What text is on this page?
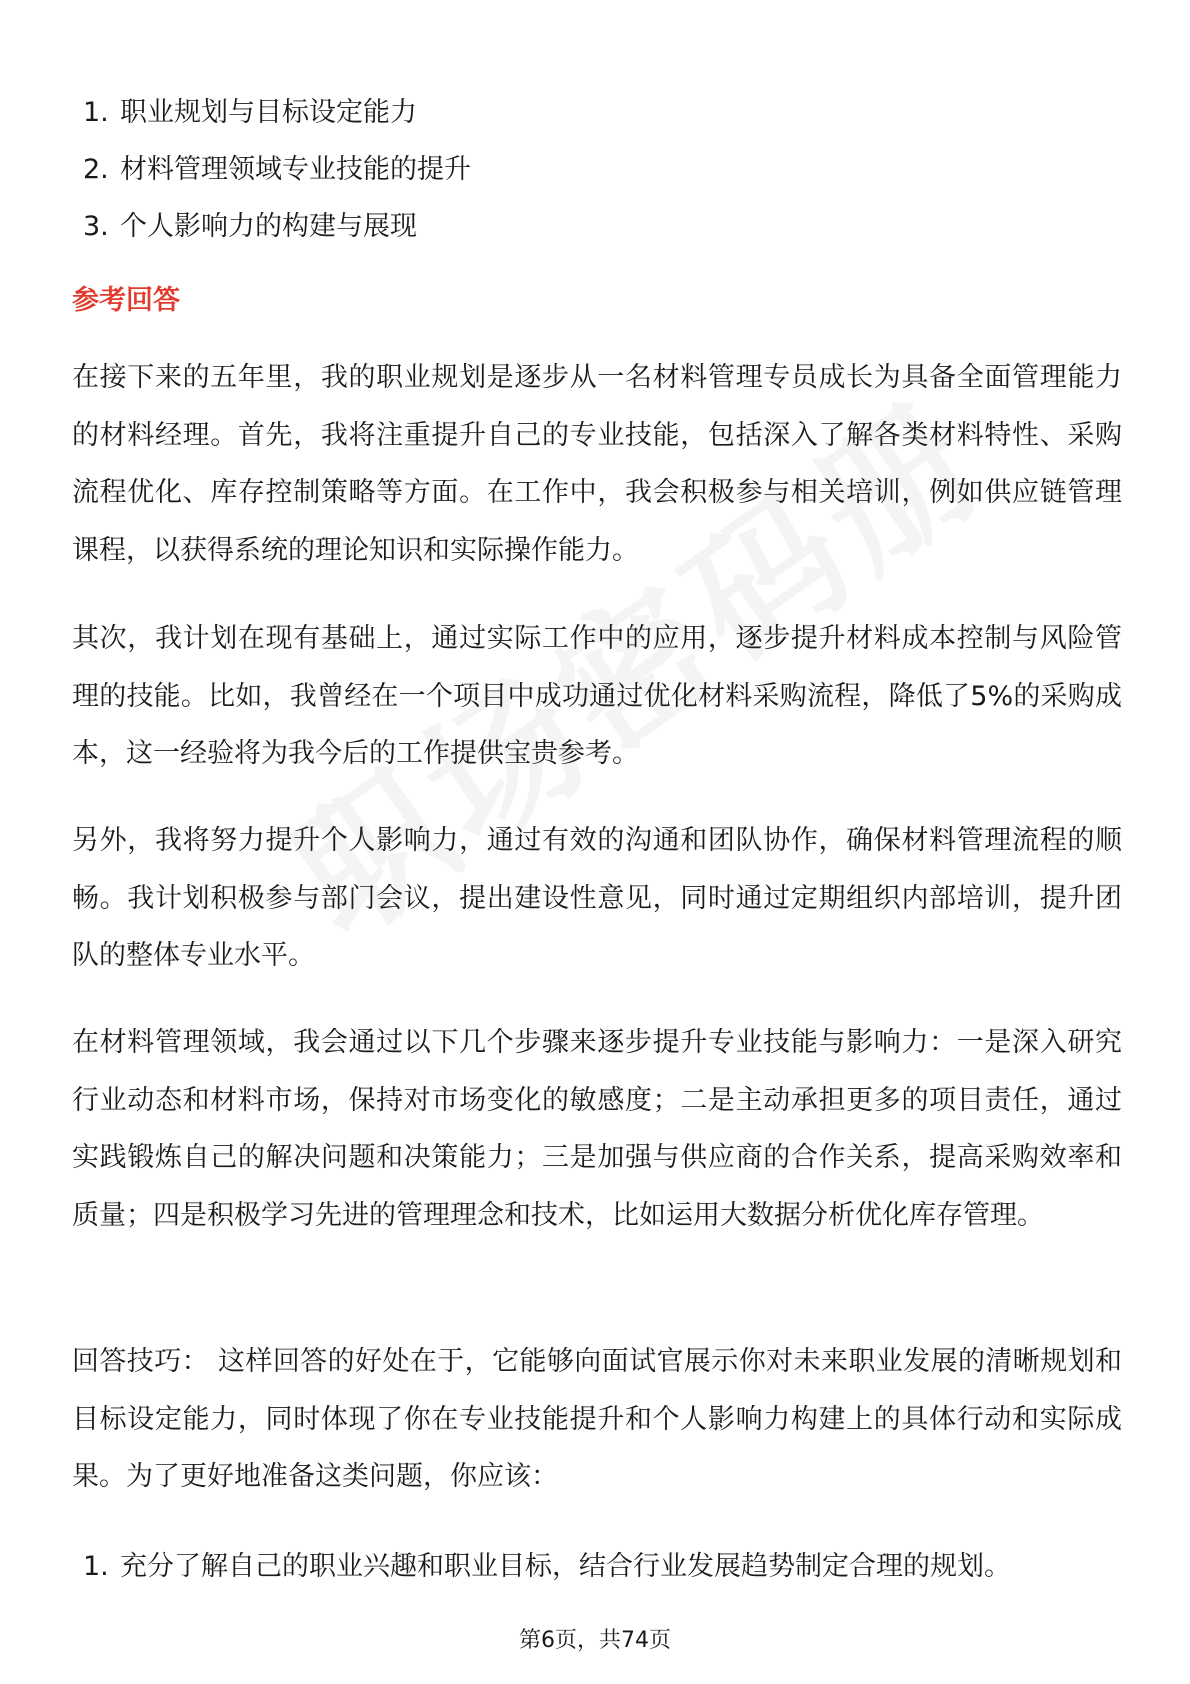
1. 职业规划与目标设定能力
2. 材料管理领域专业技能的提升
3. 个人影响力的构建与展现
参考回答

在接下来的五年里，我的职业规划是逐步从一名材料管理专员成长为具备全面管理能力的材料经理。首先，我将注重提升自己的专业技能，包括深入了解各类材料特性、采购流程优化、库存控制策略等方面。在工作中，我会积极参与相关培训，例如供应链管理课程，以获得系统的理论知识和实际操作能力。

其次，我计划在现有基础上，通过实际工作中的应用，逐步提升材料成本控制与风险管理的技能。比如，我曾经在一个项目中成功通过优化材料采购流程，降低了5%的采购成本，这一经验将为我今后的工作提供宝贵参考。

另外，我将努力提升个人影响力，通过有效的沟通和团队协作，确保材料管理流程的顺畅。我计划积极参与部门会议，提出建设性意见，同时通过定期组织内部培训，提升团队的整体专业水平。

在材料管理领域，我会通过以下几个步骤来逐步提升专业技能与影响力：一是深入研究行业动态和材料市场，保持对市场变化的敏感度；二是主动承担更多的项目责任，通过实践锻炼自己的解决问题和决策能力；三是加强与供应商的合作关系，提高采购效率和质量；四是积极学习先进的管理理念和技术，比如运用大数据分析优化库存管理。

回答技巧： 这样回答的好处在于，它能够向面试官展示你对未来职业发展的清晰规划和目标设定能力，同时体现了你在专业技能提升和个人影响力构建上的具体行动和实际成果。为了更好地准备这类问题，你应该：

1. 充分了解自己的职业兴趣和职业目标，结合行业发展趋势制定合理的规划。
第6页，共74页
